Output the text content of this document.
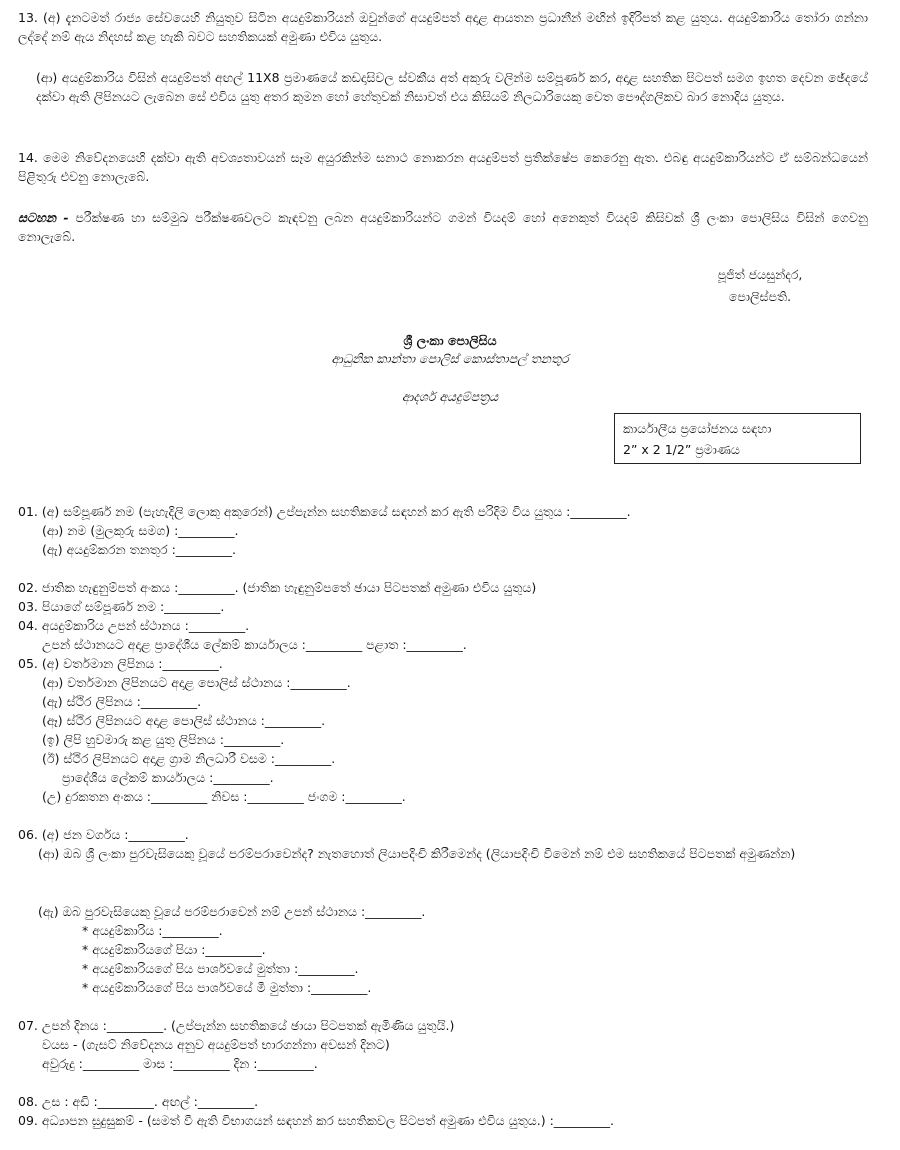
13. (අ) දැනටමත් රාජ්‍ය සේවයෙහි නියුතුව සිටින අයදුම්කාරියන් ඔවුන්ගේ අයදුම්පත් අදාළ ආයතන ප්‍රධානීන් මඟින් ඉදිරිපත් කළ යුතුය. අයදුම්කාරිය තෝරා ගන්නා ලද්දේ නම් ඇය නිදහස් කළ හැකි බවට සහතිකයක් අමුණා එවිය යුතුය.
(ආ) අයදුම්කාරිය විසින් අයදුම්පත් අඟල් 11X8 ප්‍රමාණයේ කඩදාසිවල ස්වකීය අත් අකුරු වලින්ම සම්පූර්ණ කර, අදාළ සහතික පිටපත් සමග ඉහත දෙවන ඡේදයේ දක්වා ඇති ලිපිනයට ලැබෙන සේ එවිය යුතු අතර කුමන හෝ හේතුවක් නිසාවත් එය කිසියම් නිලධාරියෙකු වෙත පෞද්ගලිකව බාර නොදිය යුතුය.
14. මෙම නිවේදනයෙහි දක්වා ඇති අවශ්‍යතාවයන් සෑම අයුරකින්ම සනාථ නොකරන අයදුම්පත් ප්‍රතික්ෂේප කෙරෙනු ඇත. එබඳු අයදුම්කාරියන්ට ඒ සම්බන්ධයෙන් පිළිතුරු එවනු නොලැබේ.
සටහන - පරීක්ෂණ හා සම්මුඛ පරීක්ෂණවලට කැඳවනු ලබන අයදුම්කාරියන්ට ගමන් වියදම් හෝ අනෙකුත් වියදම් කිසිවක් ශ්‍රී ලංකා පොලිසිය විසින් ගෙවනු නොලැබේ.
පූජිත් ජයසුන්දර,
පොලිස්පති.
ශ්‍රී ලංකා පොලිසිය
ආධුනික කාන්තා පොලිස් කොස්තාපල් තනතුර
ආදර්ශ අයදුම්පත්‍රය
කාර්යාලීය ප්‍රයෝජනය සඳහා
2” x 2 1/2” ප්‍රමාණය
01. (අ) සම්පූර්ණ නම (පැහැදිලි ලොකු අකුරෙන්) උප්පැන්න සහතිකයේ සඳහන් කර ඇති පරිදිම විය යුතුය :_________.
(ආ) නම (මුලකුරු සමග) :_________.
(ඇ) අයදුම්කරන තනතුර :_________.
02. ජාතික හැඳුනුම්පත් අංකය :_________. (ජාතික හැඳුනුම්පතේ ඡායා පිටපතක් අමුණා එවිය යුතුය)
03. පියාගේ සම්පූර්ණ නම :_________.
04. අයදුම්කාරිය උපන් ස්ථානය :_________.
උපන් ස්ථානයට අදාළ ප්‍රාදේශීය ලේකම් කාර්යාලය :_________ පළාත :_________.
05. (අ) වර්තමාන ලිපිනය :_________.
(ආ) වර්තමාන ලිපිනයට අදාළ පොලිස් ස්ථානය :_________.
(ඇ) ස්ථිර ලිපිනය :_________.
(ඈ) ස්ථිර ලිපිනයට අදාළ පොලිස් ස්ථානය :_________.
(ඉ) ලිපි හුවමාරු කළ යුතු ලිපිනය :_________.
(ඊ) ස්ථිර ලිපිනයට අදාළ ග්‍රාම නිලධාරී වසම :_________.
ප්‍රාදේශීය ලේකම් කාර්යාලය :_________.
(උ) දුරකතන අංකය :_________ නිවස :_________ ජංගම :_________.
06. (අ) ජන වර්ගය :_________.
(ආ) ඔබ ශ්‍රී ලංකා පුරවැසියෙකු වූයේ පරම්පරාවෙන්ද? නැතහොත් ලියාපදිංචි කිරීමෙන්ද (ලියාපදිංචි වීමෙන් නම් එම සහතිකයේ පිටපතක් අමුණන්න)
(ඇ) ඔබ පුරවැසියෙකු වූයේ පරම්පරාවෙන් නම් උපන් ස්ථානය :_________.
* අයදුම්කාරිය :_________.
* අයදුම්කාරියගේ පියා :_________.
* අයදුම්කාරියගේ පිය පාර්ශවයේ මුත්තා :_________.
* අයදුම්කාරියගේ පිය පාර්ශවයේ මී මුත්තා :_________.
07. උපන් දිනය :_________. (උප්පැන්න සහතිකයේ ඡායා පිටපතක් ඇමිණිය යුතුයි.)
වයස - (ගැසට් නිවේදනය අනුව අයදුම්පත් භාරගන්නා අවසන් දිනට)
අවුරුදු :_________ මාස :_________ දින :_________.
08. උස : අඩි :_________. අඟල් :_________.
09. අධ්‍යාපන සුදුසුකම් - (සමත් වී ඇති විභාගයන් සඳහන් කර සහතිකවල පිටපත් අමුණා එවිය යුතුය.) :_________.
